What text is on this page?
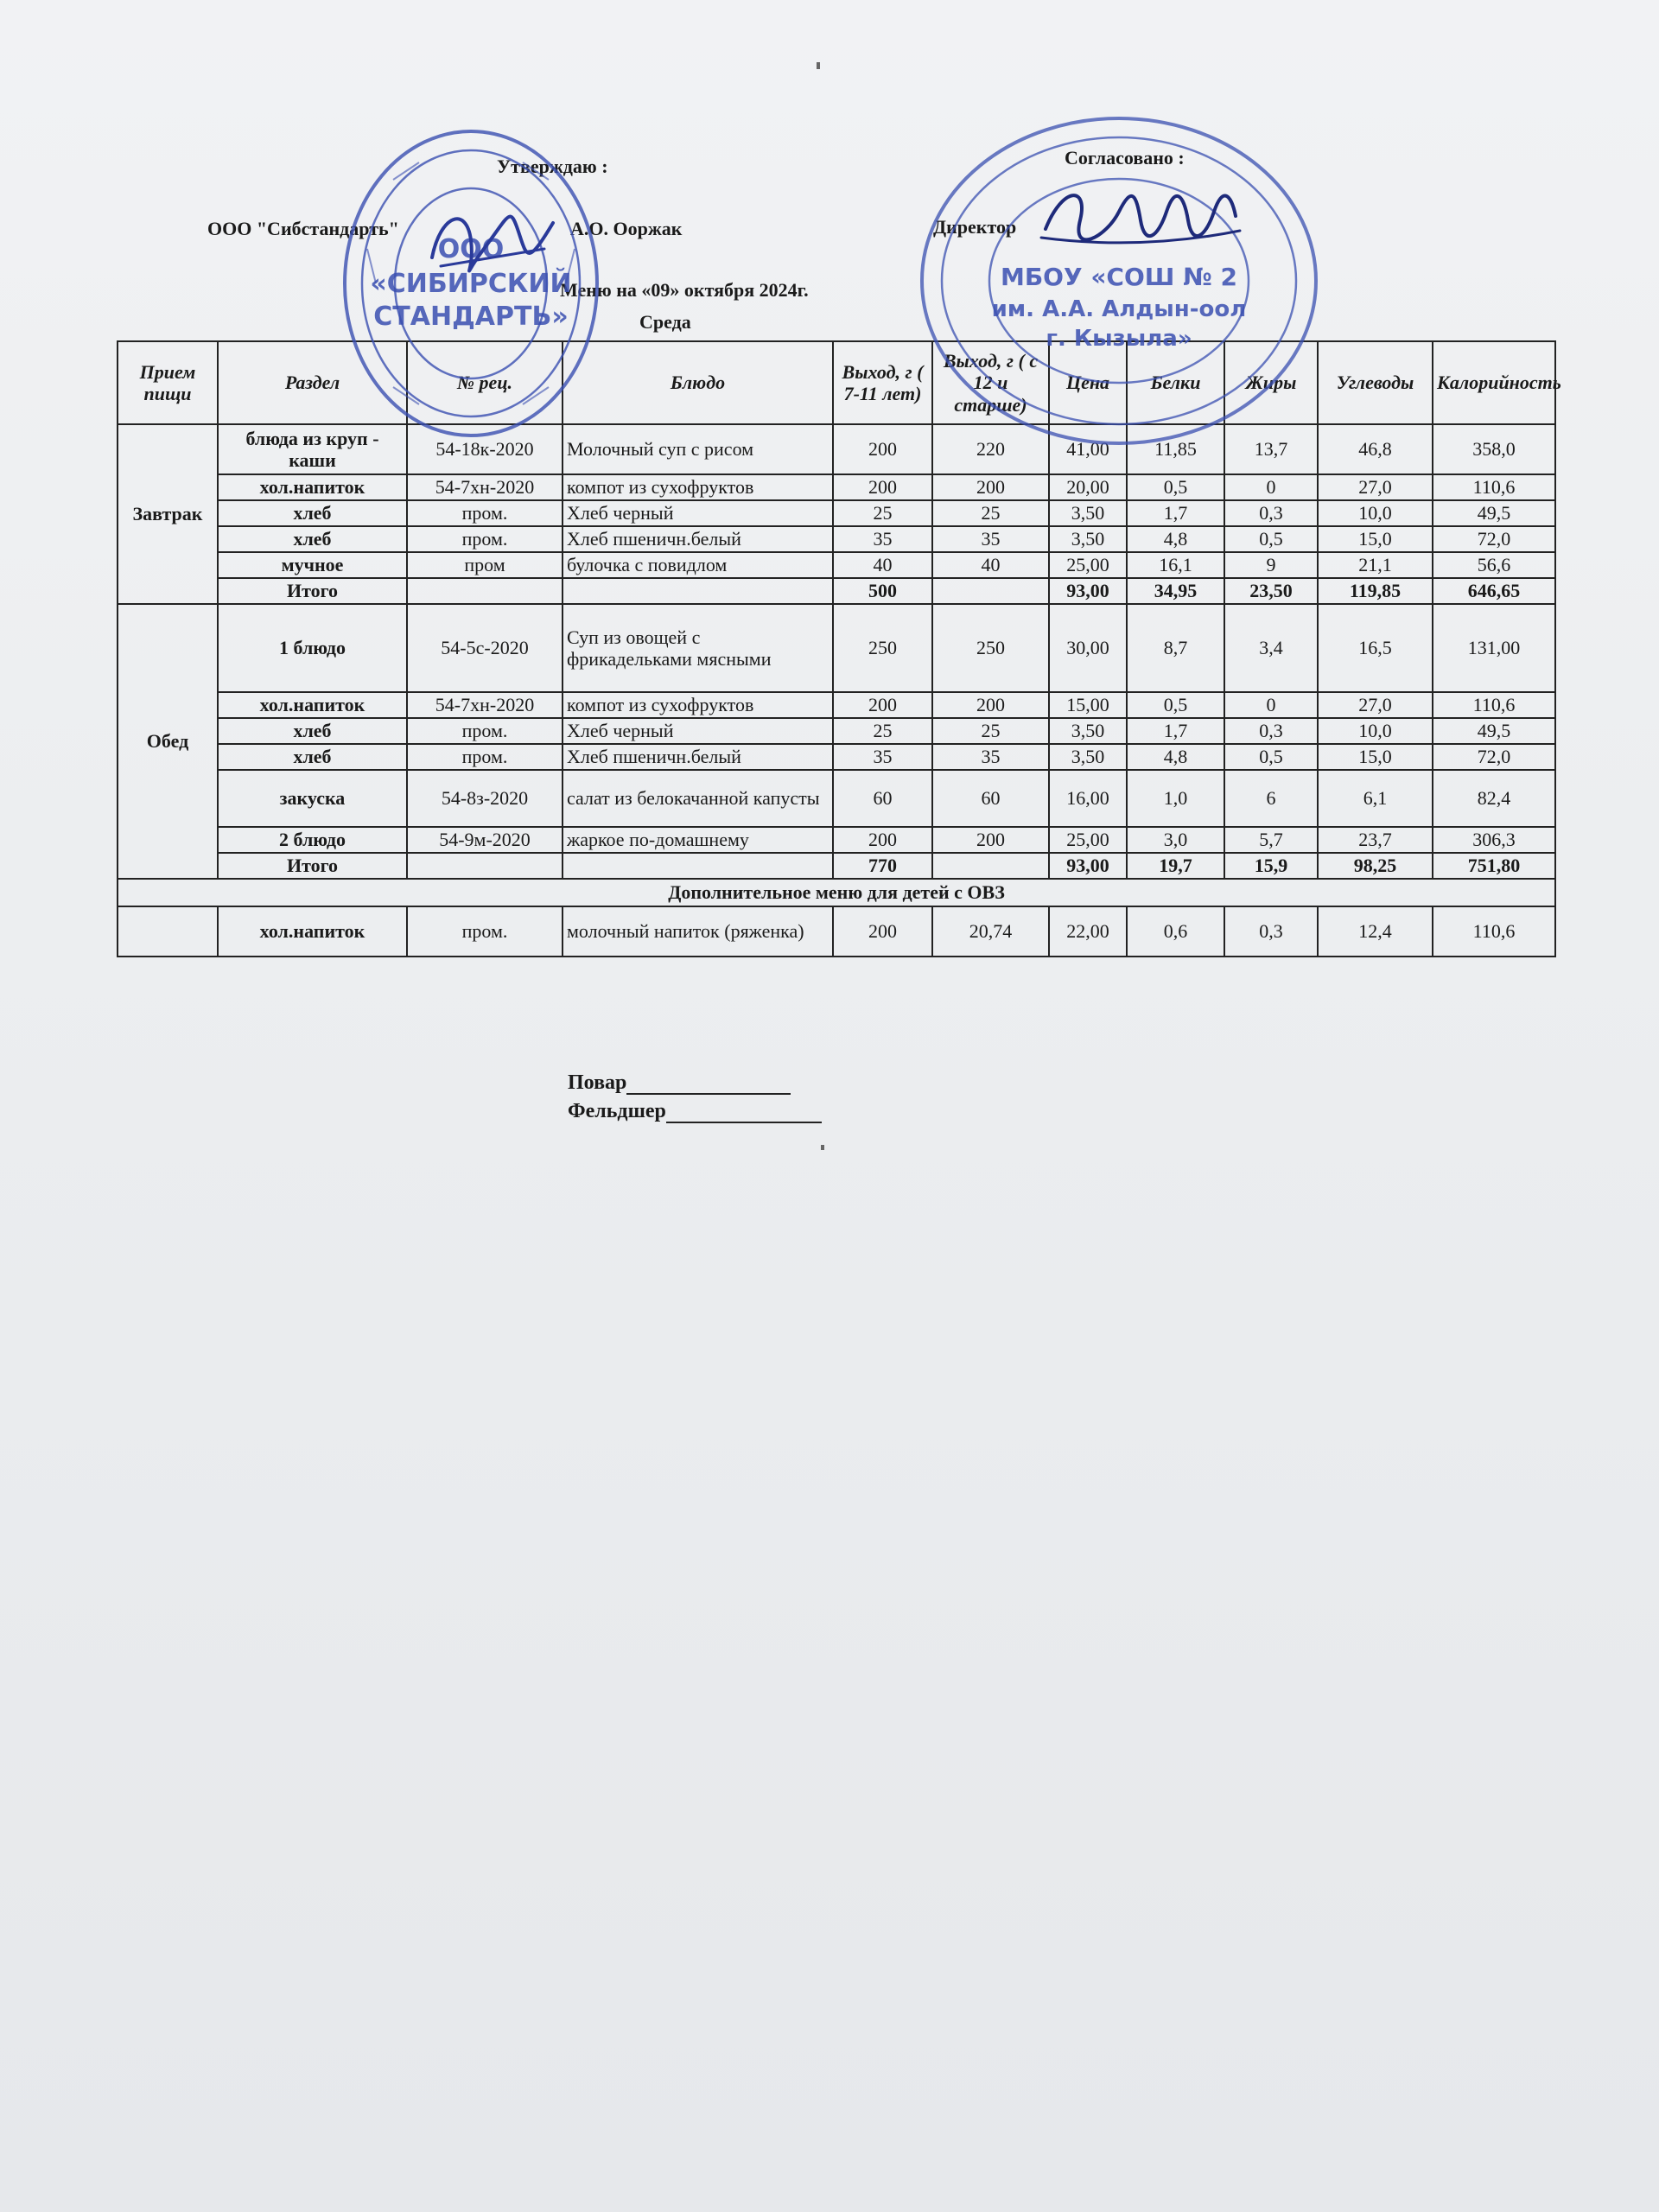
Утверждаю :
ООО "Сибстандарть"	А.О. Ооржак
Согласовано :
Директор
Меню на «09» октября 2024г.
Среда
Прием пищи	Раздел	№ рец.	Блюдо	Выход, г ( 7-11 лет)	Выход, г ( с 12 и старше)	Цена	Белки	Жиры	Углеводы	Калорийность
Завтрак	блюда из круп - каши	54-18к-2020	Молочный суп с рисом	200	220	41,00	11,85	13,7	46,8	358,0
	хол.напиток	54-7хн-2020	компот из сухофруктов	200	200	20,00	0,5	0	27,0	110,6
	хлеб	пром.	Хлеб черный	25	25	3,50	1,7	0,3	10,0	49,5
	хлеб	пром.	Хлеб пшеничн.белый	35	35	3,50	4,8	0,5	15,0	72,0
	мучное	пром	булочка с повидлом	40	40	25,00	16,1	9	21,1	56,6
	Итого			500		93,00	34,95	23,50	119,85	646,65
Обед	1 блюдо	54-5с-2020	Суп из овощей с фрикадельками мясными	250	250	30,00	8,7	3,4	16,5	131,00
	хол.напиток	54-7хн-2020	компот из сухофруктов	200	200	15,00	0,5	0	27,0	110,6
	хлеб	пром.	Хлеб черный	25	25	3,50	1,7	0,3	10,0	49,5
	хлеб	пром.	Хлеб пшеничн.белый	35	35	3,50	4,8	0,5	15,0	72,0
	закуска	54-8з-2020	салат из белокачанной капусты	60	60	16,00	1,0	6	6,1	82,4
	2 блюдо	54-9м-2020	жаркое по-домашнему	200	200	25,00	3,0	5,7	23,7	306,3
	Итого			770		93,00	19,7	15,9	98,25	751,80
Дополнительное меню для детей с ОВЗ										
	хол.напиток	пром.	молочный напиток (ряженка)	200	20,74	22,00	0,6	0,3	12,4	110,6
Повар
Фельдшер
ООО
«СИБИРСКИЙ
СТАНДАРТЬ»
МБОУ «СОШ № 2
им. А.А. Алдын-оол
г. Кызыла»
